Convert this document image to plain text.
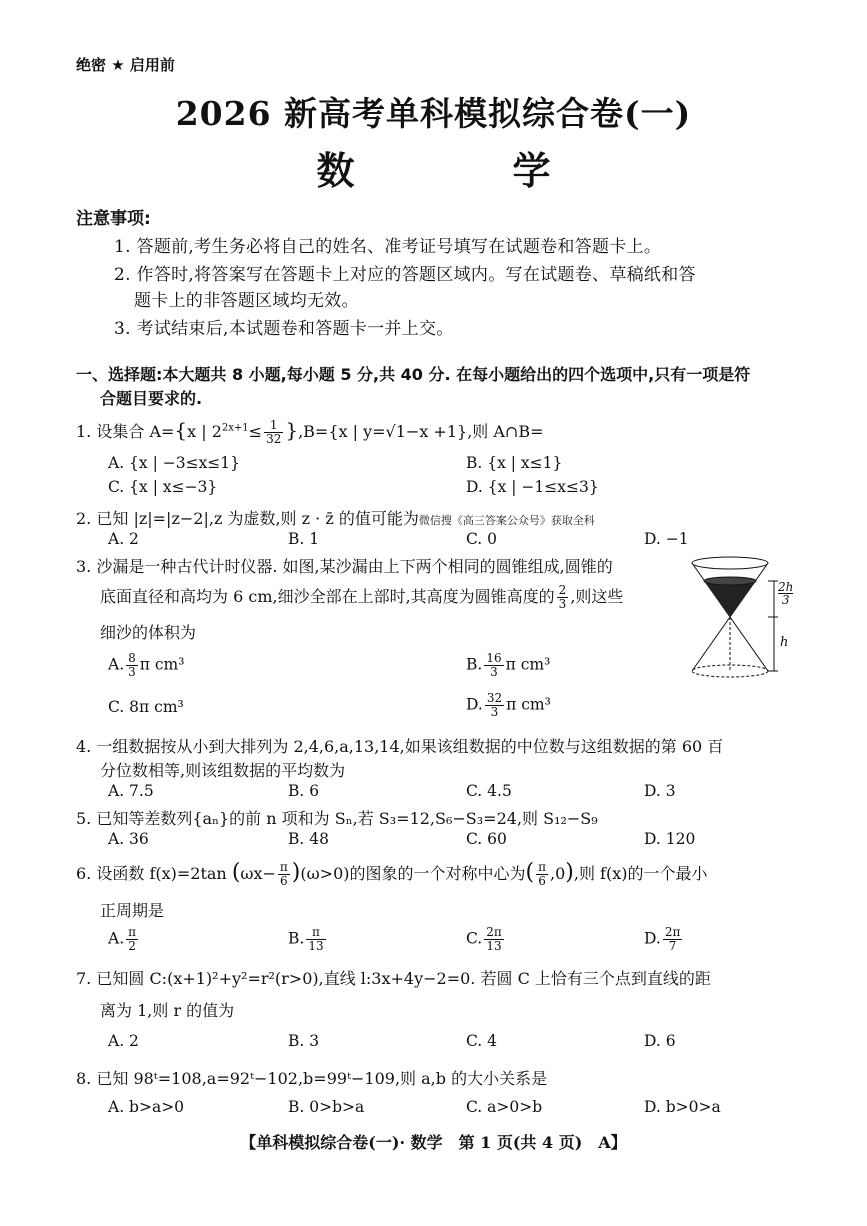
绝密 ★ 启用前
2026 新高考单科模拟综合卷(一)
数　学
注意事项:
1. 答题前,考生务必将自己的姓名、准考证号填写在试题卷和答题卡上。
2. 作答时,将答案写在答题卡上对应的答题区域内。写在试题卷、草稿纸和答
题卡上的非答题区域均无效。
3. 考试结束后,本试题卷和答题卡一并上交。
一、选择题:本大题共 8 小题,每小题 5 分,共 40 分. 在每小题给出的四个选项中,只有一项是符
合题目要求的.
1. 设集合 A={x | $2^{2x+1}\le \frac{1}{32} \},B=\{x$ | y=√1−x +1},则 A∩B=
A. {x | −3≤x≤1}	B. {x | x≤1}
C. {x | x≤−3}	D. {x | −1≤x≤3}
2. 已知 |z|=|z−2|,z 为虚数,则 z · z̄ 的值可能为微信搜《高三答案公众号》获取全科
A. 2	B. 1	C. 0	D. −1
3. 沙漏是一种古代计时仪器. 如图,某沙漏由上下两个相同的圆锥组成,圆锥的
底面直径和高均为 6 cm,细沙全部在上部时,其高度为圆锥高度的 $\frac{2}{3}$ ,则这些
细沙的体积为
A. $\frac{8}{3}$ π cm³	B. $\frac{16}{3}$ π cm³
C. 8π cm³	D. $\frac{32}{3}$ π cm³
2h
3
h
4. 一组数据按从小到大排列为 2,4,6,a,13,14,如果该组数据的中位数与这组数据的第 60 百
分位数相等,则该组数据的平均数为
A. 7.5	B. 6	C. 4.5	D. 3
5. 已知等差数列{aₙ}的前 n 项和为 Sₙ,若 S₃=12,S₆−S₃=24,则 S₁₂−S₉
A. 36	B. 48	C. 60	D. 120
6. 设函数 f(x)=2tan $(\omega x- \frac{\pi}{6} )(\omega>0)$的图象的一个对称中心为( $\frac{\pi}{6} ,0$),则 f(x)的一个最小
正周期是
A. $\frac{\pi}{2}$	B. $\frac{\pi}{13}$	C. $\frac{2\pi}{13}$	D. $\frac{2\pi}{7}$
7. 已知圆 C:(x+1)²+y²=r²(r>0),直线 l:3x+4y−2=0. 若圆 C 上恰有三个点到直线的距
离为 1,则 r 的值为
A. 2	B. 3	C. 4	D. 6
8. 已知 98ᵗ=108,a=92ᵗ−102,b=99ᵗ−109,则 a,b 的大小关系是
A. b>a>0	B. 0>b>a	C. a>0>b	D. b>0>a
【单科模拟综合卷(一)· 数学　第 1 页(共 4 页)　A】
